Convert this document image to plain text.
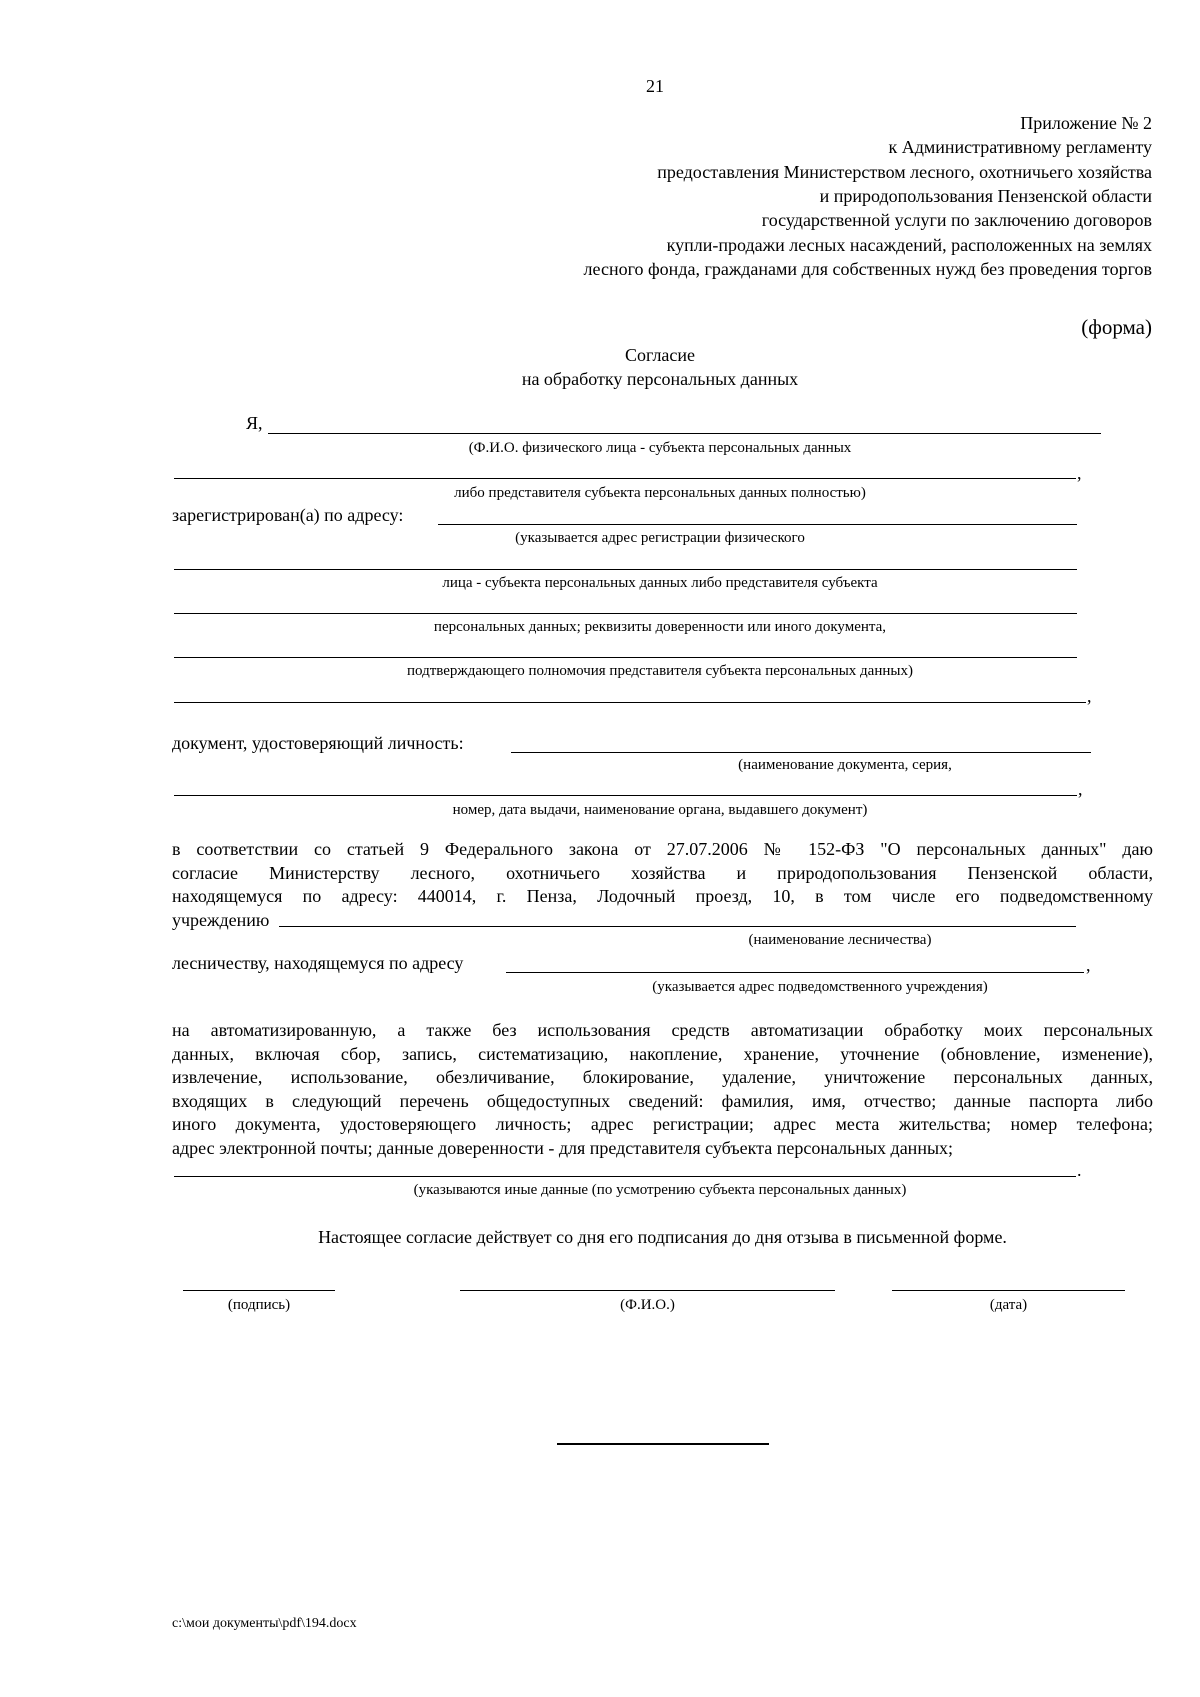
21
Приложение № 2
к Административному регламенту
предоставления Министерством лесного, охотничьего хозяйства
и природопользования Пензенской области
государственной услуги по заключению договоров
купли-продажи лесных насаждений, расположенных на землях
лесного фонда, гражданами для собственных нужд без проведения торгов
(форма)
Согласие
на обработку персональных данных
Я,
(Ф.И.О. физического лица - субъекта персональных данных
,
либо представителя субъекта персональных данных полностью)
зарегистрирован(а) по адресу:
(указывается адрес регистрации физического
лица - субъекта персональных данных либо представителя субъекта
персональных данных; реквизиты доверенности или иного документа,
подтверждающего полномочия представителя субъекта персональных данных)
,
документ, удостоверяющий личность:
(наименование документа, серия,
,
номер, дата выдачи, наименование органа, выдавшего документ)
в соответствии со статьей 9 Федерального закона от 27.07.2006 № 152-ФЗ "О персональных данных" даю
согласие Министерству лесного, охотничьего хозяйства и природопользования Пензенской области,
находящемуся по адресу: 440014, г. Пенза, Лодочный проезд, 10, в том числе его подведомственному
учреждению
(наименование лесничества)
лесничеству, находящемуся по адресу	,
(указывается адрес подведомственного учреждения)
на автоматизированную, а также без использования средств автоматизации обработку моих персональных
данных, включая сбор, запись, систематизацию, накопление, хранение, уточнение (обновление, изменение),
извлечение, использование, обезличивание, блокирование, удаление, уничтожение персональных данных,
входящих в следующий перечень общедоступных сведений: фамилия, имя, отчество; данные паспорта либо
иного документа, удостоверяющего личность; адрес регистрации; адрес места жительства; номер телефона;
адрес электронной почты; данные доверенности - для представителя субъекта персональных данных;
.
(указываются иные данные (по усмотрению субъекта персональных данных)
Настоящее согласие действует со дня его подписания до дня отзыва в письменной форме.
(подпись)	(Ф.И.О.)	(дата)
c:\мои документы\pdf\194.docx
